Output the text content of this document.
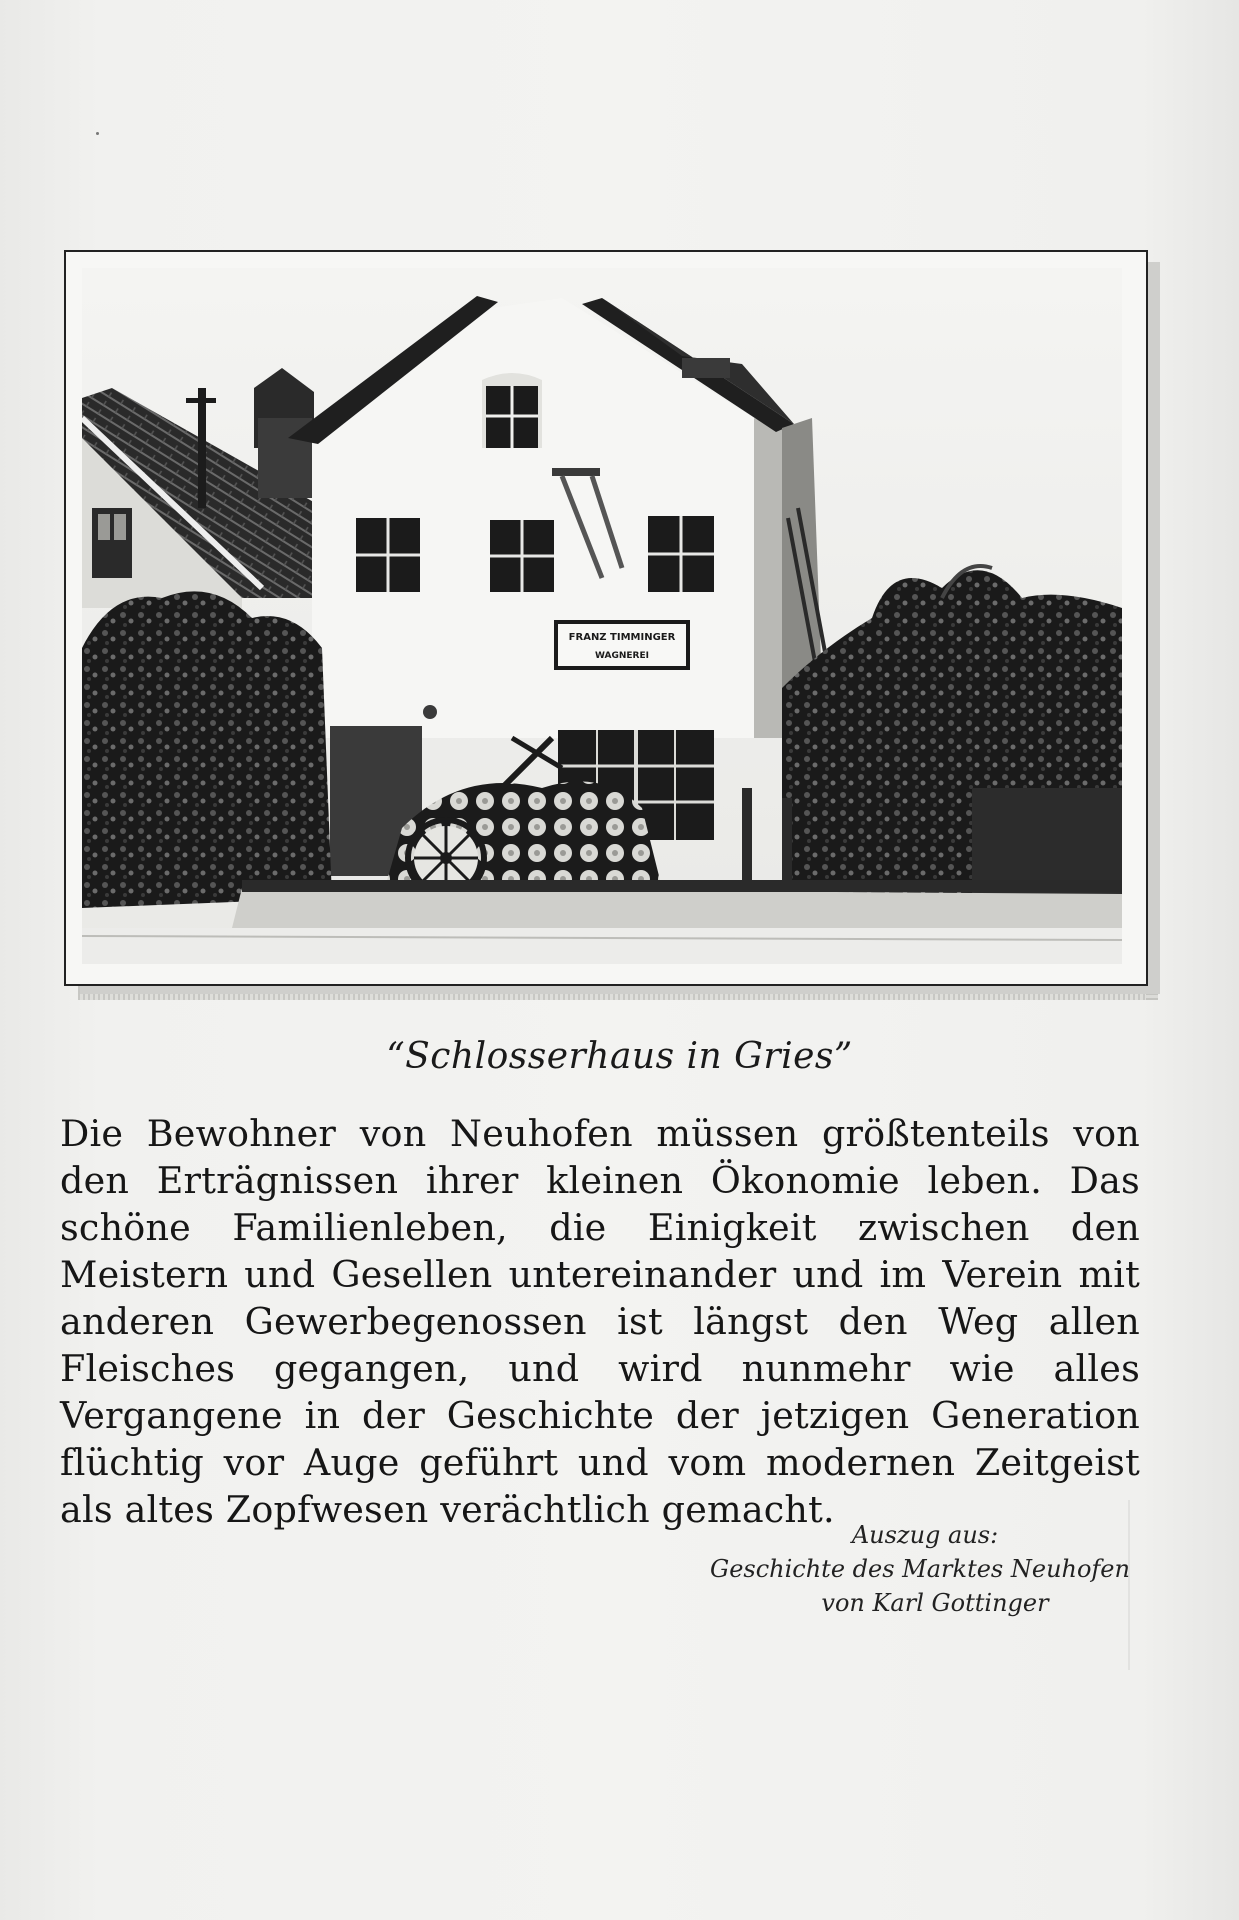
FRANZ TIMMINGER
WAGNEREI
“Schlosserhaus in Gries”
Die Bewohner von Neuhofen müssen größtenteils von den Erträgnissen ihrer kleinen Ökonomie leben. Das schöne Familienleben, die Einigkeit zwischen den Meistern und Gesellen untereinander und im Verein mit anderen Gewerbegenossen ist längst den Weg allen Fleisches gegangen, und wird nunmehr wie alles Vergangene in der Geschichte der jetzigen Generation flüchtig vor Auge geführt und vom modernen Zeitgeist als altes Zopfwesen verächtlich gemacht.
Auszug aus:
Geschichte des Marktes Neuhofen
von Karl Gottinger
